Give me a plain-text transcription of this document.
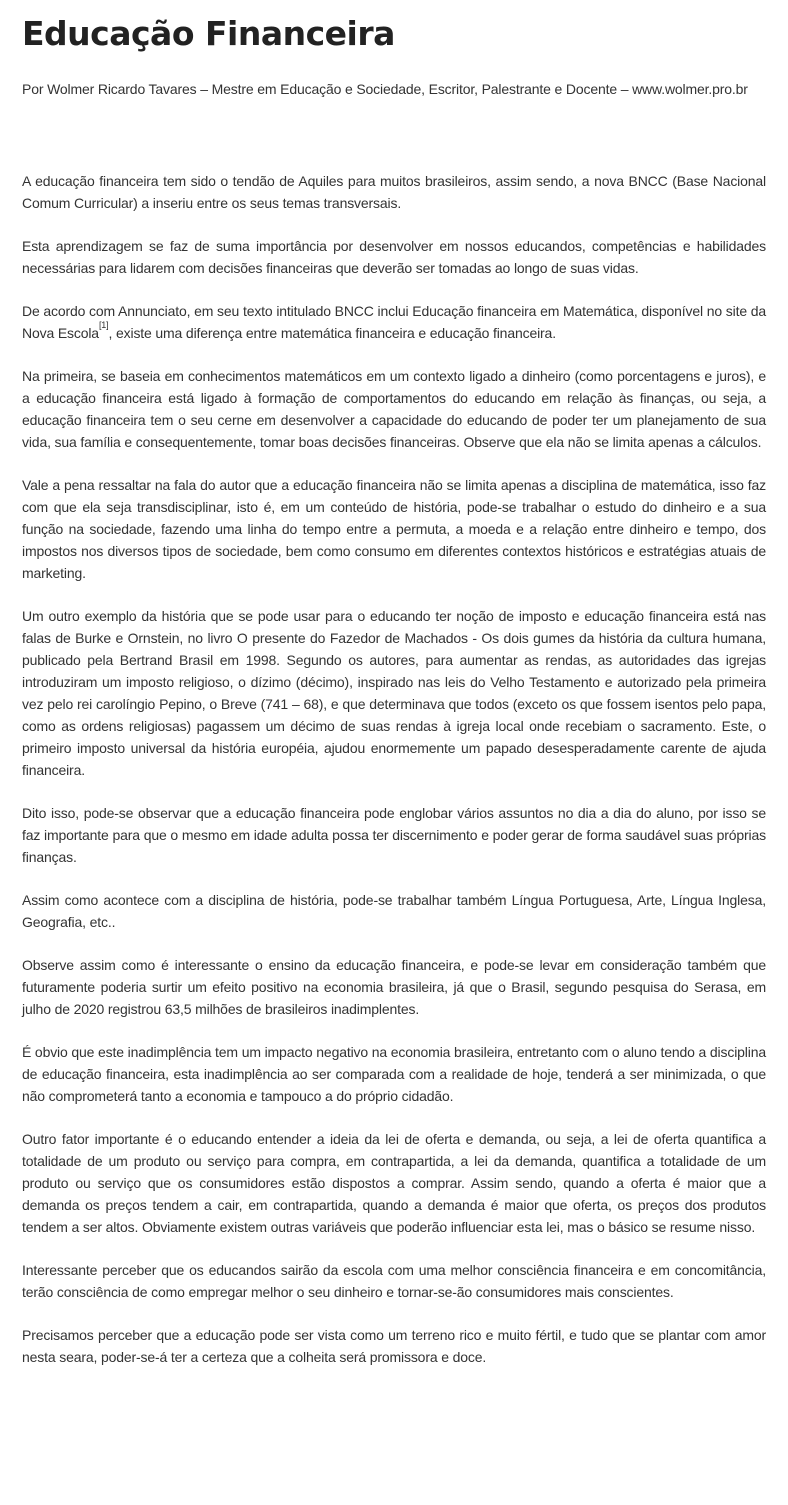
Educação Financeira

Por Wolmer Ricardo Tavares – Mestre em Educação e Sociedade, Escritor, Palestrante e Docente – www.wolmer.pro.br

A educação financeira tem sido o tendão de Aquiles para muitos brasileiros, assim sendo, a nova BNCC (Base Nacional Comum Curricular) a inseriu entre os seus temas transversais.

Esta aprendizagem se faz de suma importância por desenvolver em nossos educandos, competências e habilidades necessárias para lidarem com decisões financeiras que deverão ser tomadas ao longo de suas vidas.

De acordo com Annunciato, em seu texto intitulado BNCC inclui Educação financeira em Matemática, disponível no site da Nova Escola[1], existe uma diferença entre matemática financeira e educação financeira.

Na primeira, se baseia em conhecimentos matemáticos em um contexto ligado a dinheiro (como porcentagens e juros), e a educação financeira está ligado à formação de comportamentos do educando em relação às finanças, ou seja, a educação financeira tem o seu cerne em desenvolver a capacidade do educando de poder ter um planejamento de sua vida, sua família e consequentemente, tomar boas decisões financeiras. Observe que ela não se limita apenas a cálculos.

Vale a pena ressaltar na fala do autor que a educação financeira não se limita apenas a disciplina de matemática, isso faz com que ela seja transdisciplinar, isto é, em um conteúdo de história, pode-se trabalhar o estudo do dinheiro e a sua função na sociedade, fazendo uma linha do tempo entre a permuta, a moeda e a relação entre dinheiro e tempo, dos impostos nos diversos tipos de sociedade, bem como consumo em diferentes contextos históricos e estratégias atuais de marketing.

Um outro exemplo da história que se pode usar para o educando ter noção de imposto e educação financeira está nas falas de Burke e Ornstein, no livro O presente do Fazedor de Machados - Os dois gumes da história da cultura humana, publicado pela Bertrand Brasil em 1998. Segundo os autores, para aumentar as rendas, as autoridades das igrejas introduziram um imposto religioso, o dízimo (décimo), inspirado nas leis do Velho Testamento e autorizado pela primeira vez pelo rei carolíngio Pepino, o Breve (741 – 68), e que determinava que todos (exceto os que fossem isentos pelo papa, como as ordens religiosas) pagassem um décimo de suas rendas à igreja local onde recebiam o sacramento. Este, o primeiro imposto universal da história européia, ajudou enormemente um papado desesperadamente carente de ajuda financeira.

Dito isso, pode-se observar que a educação financeira pode englobar vários assuntos no dia a dia do aluno, por isso se faz importante para que o mesmo em idade adulta possa ter discernimento e poder gerar de forma saudável suas próprias finanças.

Assim como acontece com a disciplina de história, pode-se trabalhar também Língua Portuguesa, Arte, Língua Inglesa, Geografia, etc..

Observe assim como é interessante o ensino da educação financeira, e pode-se levar em consideração também que futuramente poderia surtir um efeito positivo na economia brasileira, já que o Brasil, segundo pesquisa do Serasa, em julho de 2020 registrou 63,5 milhões de brasileiros inadimplentes.

É obvio que este inadimplência tem um impacto negativo na economia brasileira, entretanto com o aluno tendo a disciplina de educação financeira, esta inadimplência ao ser comparada com a realidade de hoje, tenderá a ser minimizada, o que não comprometerá tanto a economia e tampouco a do próprio cidadão.

Outro fator importante é o educando entender a ideia da lei de oferta e demanda, ou seja, a lei de oferta quantifica a totalidade de um produto ou serviço para compra, em contrapartida, a lei da demanda, quantifica a totalidade de um produto ou serviço que os consumidores estão dispostos a comprar. Assim sendo, quando a oferta é maior que a demanda os preços tendem a cair, em contrapartida, quando a demanda é maior que oferta, os preços dos produtos tendem a ser altos. Obviamente existem outras variáveis que poderão influenciar esta lei, mas o básico se resume nisso.

Interessante perceber que os educandos sairão da escola com uma melhor consciência financeira e em concomitância, terão consciência de como empregar melhor o seu dinheiro e tornar-se-ão consumidores mais conscientes.

Precisamos perceber que a educação pode ser vista como um terreno rico e muito fértil, e tudo que se plantar com amor nesta seara, poder-se-á ter a certeza que a colheita será promissora e doce.
